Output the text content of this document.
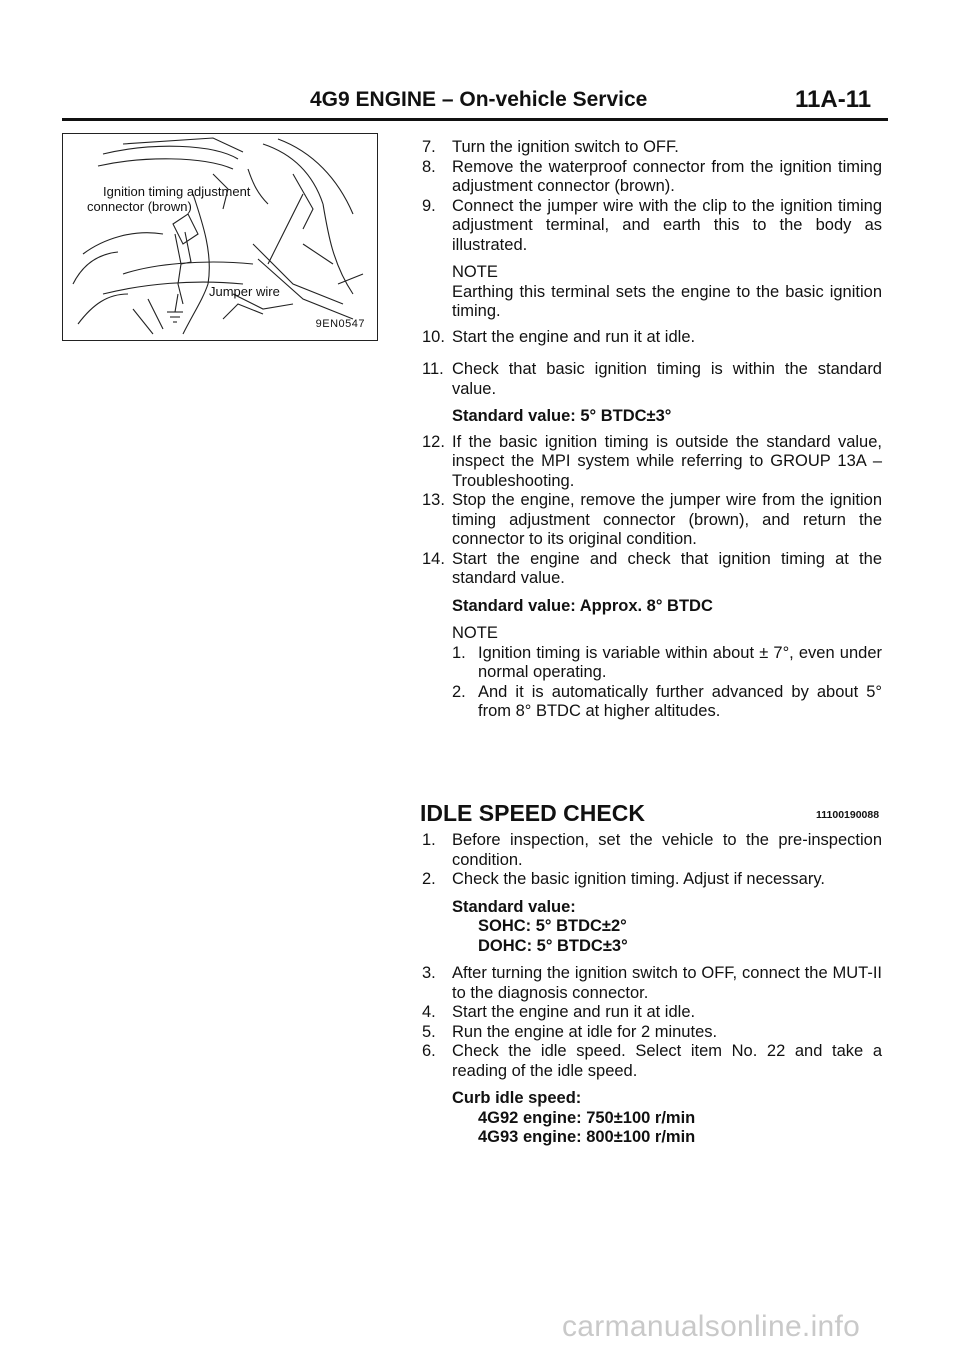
4G9 ENGINE – On-vehicle Service	11A-11
Ignition timing adjustment
connector (brown)
Jumper wire
9EN0547
7. Turn the ignition switch to OFF.
8. Remove the waterproof connector from the ignition timing adjustment connector (brown).
9. Connect the jumper wire with the clip to the ignition timing adjustment terminal, and earth this to the body as illustrated.
NOTE
Earthing this terminal sets the engine to the basic ignition timing.
10. Start the engine and run it at idle.
11. Check that basic ignition timing is within the standard value.
Standard value: 5° BTDC±3°
12. If the basic ignition timing is outside the standard value, inspect the MPI system while referring to GROUP 13A – Troubleshooting.
13. Stop the engine, remove the jumper wire from the ignition timing adjustment connector (brown), and return the connector to its original condition.
14. Start the engine and check that ignition timing at the standard value.
Standard value: Approx. 8° BTDC
NOTE
1. Ignition timing is variable within about ± 7°, even under normal operating.
2. And it is automatically further advanced by about 5° from 8° BTDC at higher altitudes.
IDLE SPEED CHECK	11100190088
1. Before inspection, set the vehicle to the pre-inspection condition.
2. Check the basic ignition timing. Adjust if necessary.
Standard value:
SOHC: 5° BTDC±2°
DOHC: 5° BTDC±3°
3. After turning the ignition switch to OFF, connect the MUT-II to the diagnosis connector.
4. Start the engine and run it at idle.
5. Run the engine at idle for 2 minutes.
6. Check the idle speed. Select item No. 22 and take a reading of the idle speed.
Curb idle speed:
4G92 engine: 750±100 r/min
4G93 engine: 800±100 r/min
carmanualsonline.info
